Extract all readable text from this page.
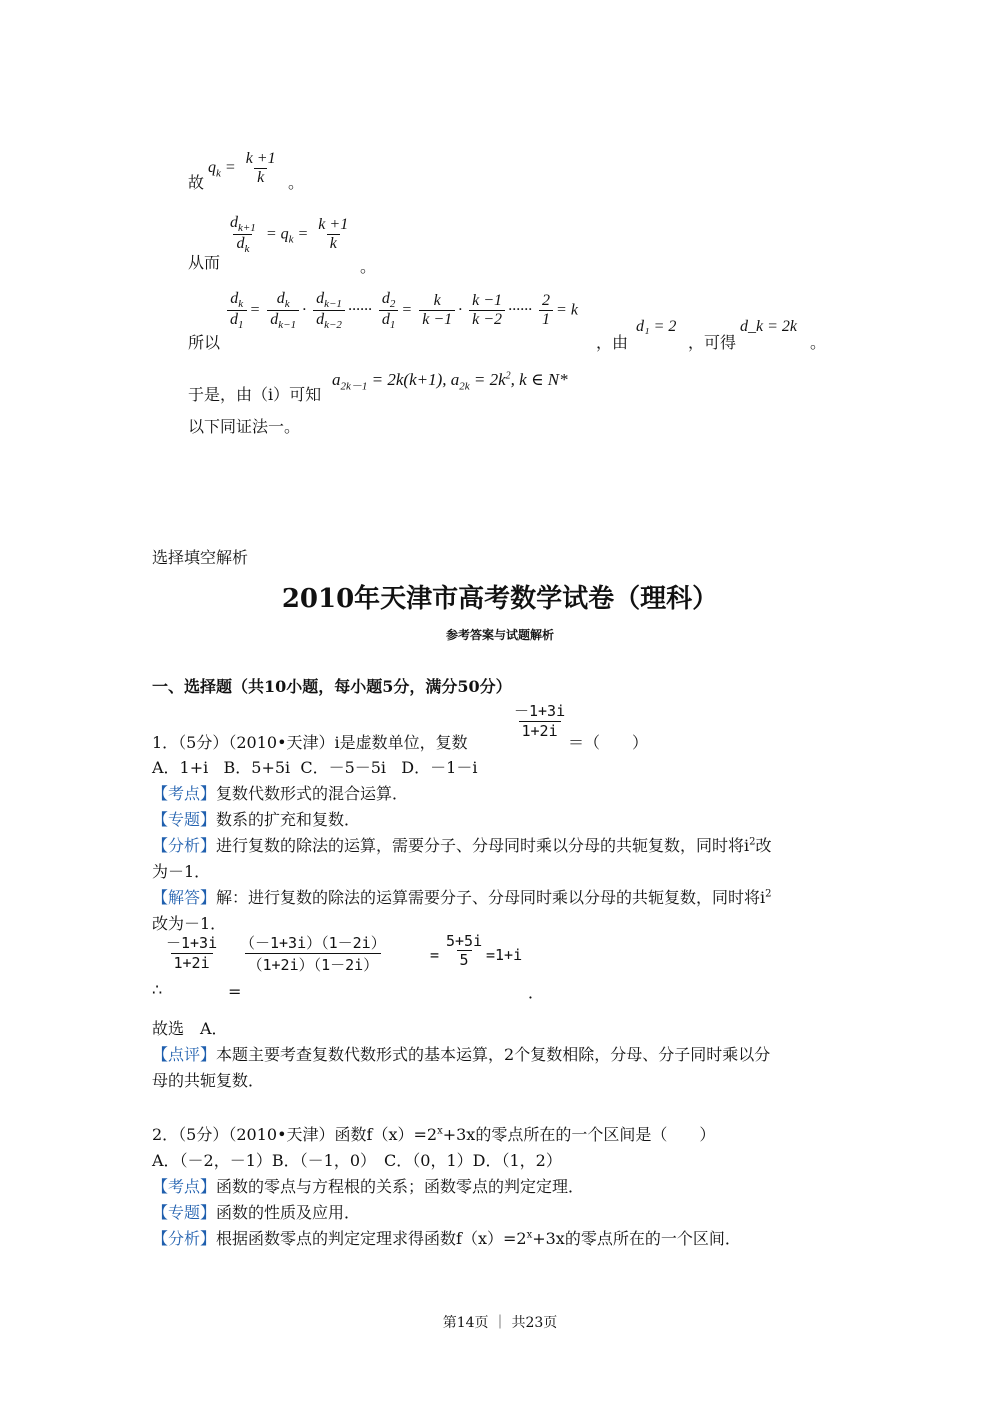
故
$q_k = \frac{k +1}{k}$ 。
从而
$\frac{d_{k+1}}{d_k} = q_k = \frac{k +1}{k}$
。
所以
$\frac{d_k}{d_1} = \frac{d_k}{d_{k-1}} \cdot \frac{d_{k-1}}{d_{k-2}}$ ······ $\frac{d_2}{d_1} = \frac{k}{k -1} \cdot \frac{k -1}{k -2}$ ······ $\frac{2}{1} = k$
，由
d₁ = 2
，可得
d_k = 2k
。
于是，由（i）可知
$a_{2k-1} = 2k(k+1)$, $a_{2k} = 2k^2$, k ∈ N*
以下同证法一。
选择填空解析
2010年天津市高考数学试卷（理科）
参考答案与试题解析
一、选择题（共10小题，每小题5分，满分50分）
1．（5分）（2010•天津）i是虚数单位，复数
$\frac{-1+3i}{1+2i}$
＝（　　）
A．1+i   B．5+5i  C．－5－5i   D．－1－i
【考点】复数代数形式的混合运算．
【专题】数系的扩充和复数．
【分析】进行复数的除法的运算，需要分子、分母同时乘以分母的共轭复数，同时将$i^2$改
为－1．
【解答】解：进行复数的除法的运算需要分子、分母同时乘以分母的共轭复数，同时将$i^2$
改为－1．
$\frac{-1+3i}{1+2i} \frac{(-1+3i)(1-2i)}{(1+2i)(1-2i)}$	= $\frac{5+5i}{5} =1+i$
∴	=	．
故选　A．
【点评】本题主要考查复数代数形式的基本运算，2个复数相除，分母、分子同时乘以分
母的共轭复数．
2．（5分）（2010•天津）函数$f(x)=2^x+3x$的零点所在的一个区间是（　　）
A．（－2，－1）B．（－1，0）　C．（0，1）D．（1，2）
【考点】函数的零点与方程根的关系；函数零点的判定定理．
【专题】函数的性质及应用．
【分析】根据函数零点的判定定理求得函数$f(x)=2^x+3x$的零点所在的一个区间．
第14页 ｜ 共23页
